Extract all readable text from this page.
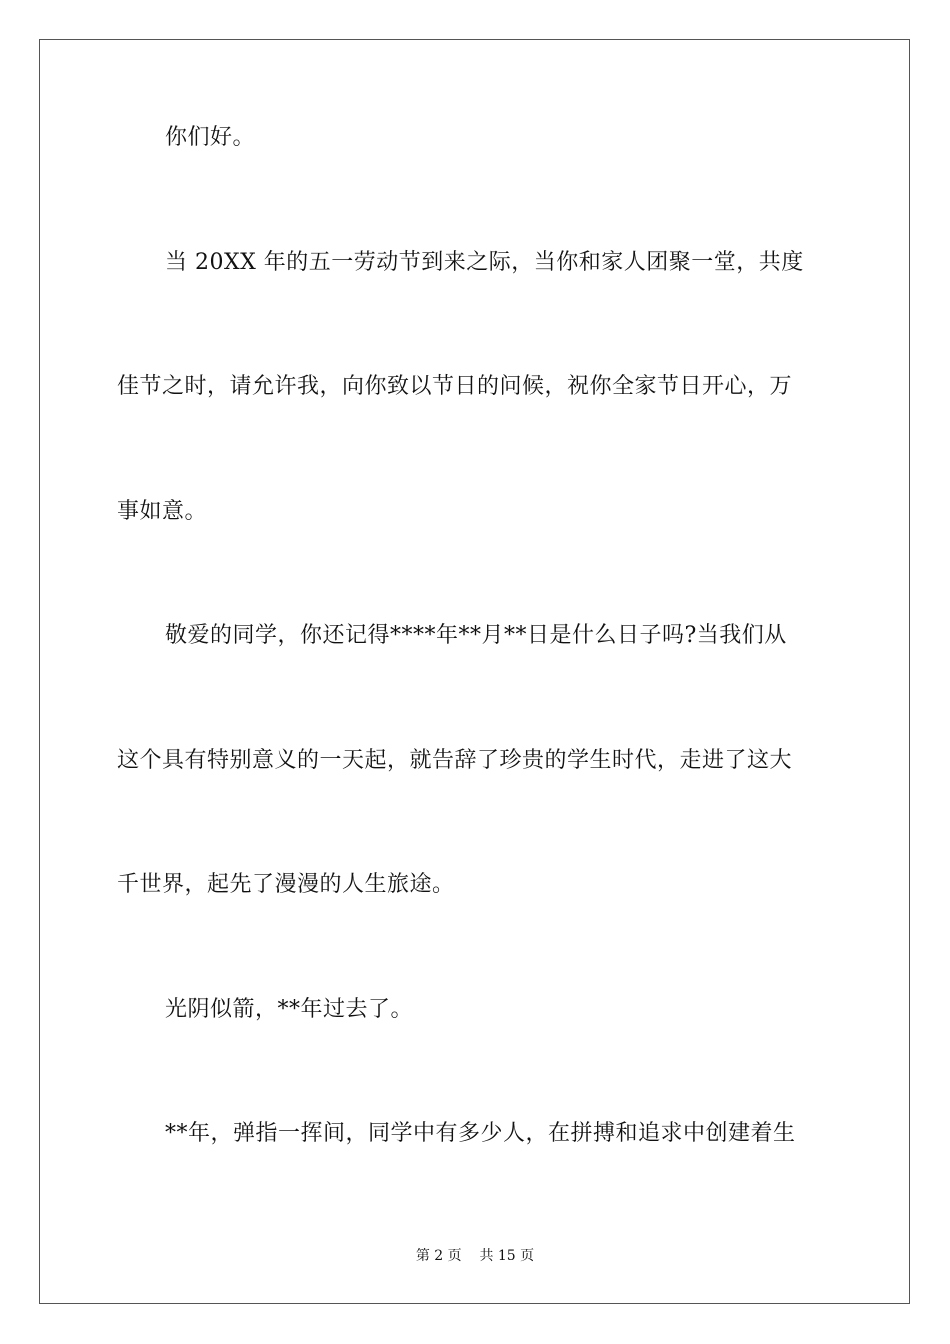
你们好。
当 20XX 年的五一劳动节到来之际，当你和家人团聚一堂，共度
佳节之时，请允许我，向你致以节日的问候，祝你全家节日开心，万
事如意。
敬爱的同学，你还记得****年**月**日是什么日子吗?当我们从
这个具有特别意义的一天起，就告辞了珍贵的学生时代，走进了这大
千世界，起先了漫漫的人生旅途。
光阴似箭，**年过去了。
**年，弹指一挥间，同学中有多少人，在拼搏和追求中创建着生
第 2 页 共 15 页
